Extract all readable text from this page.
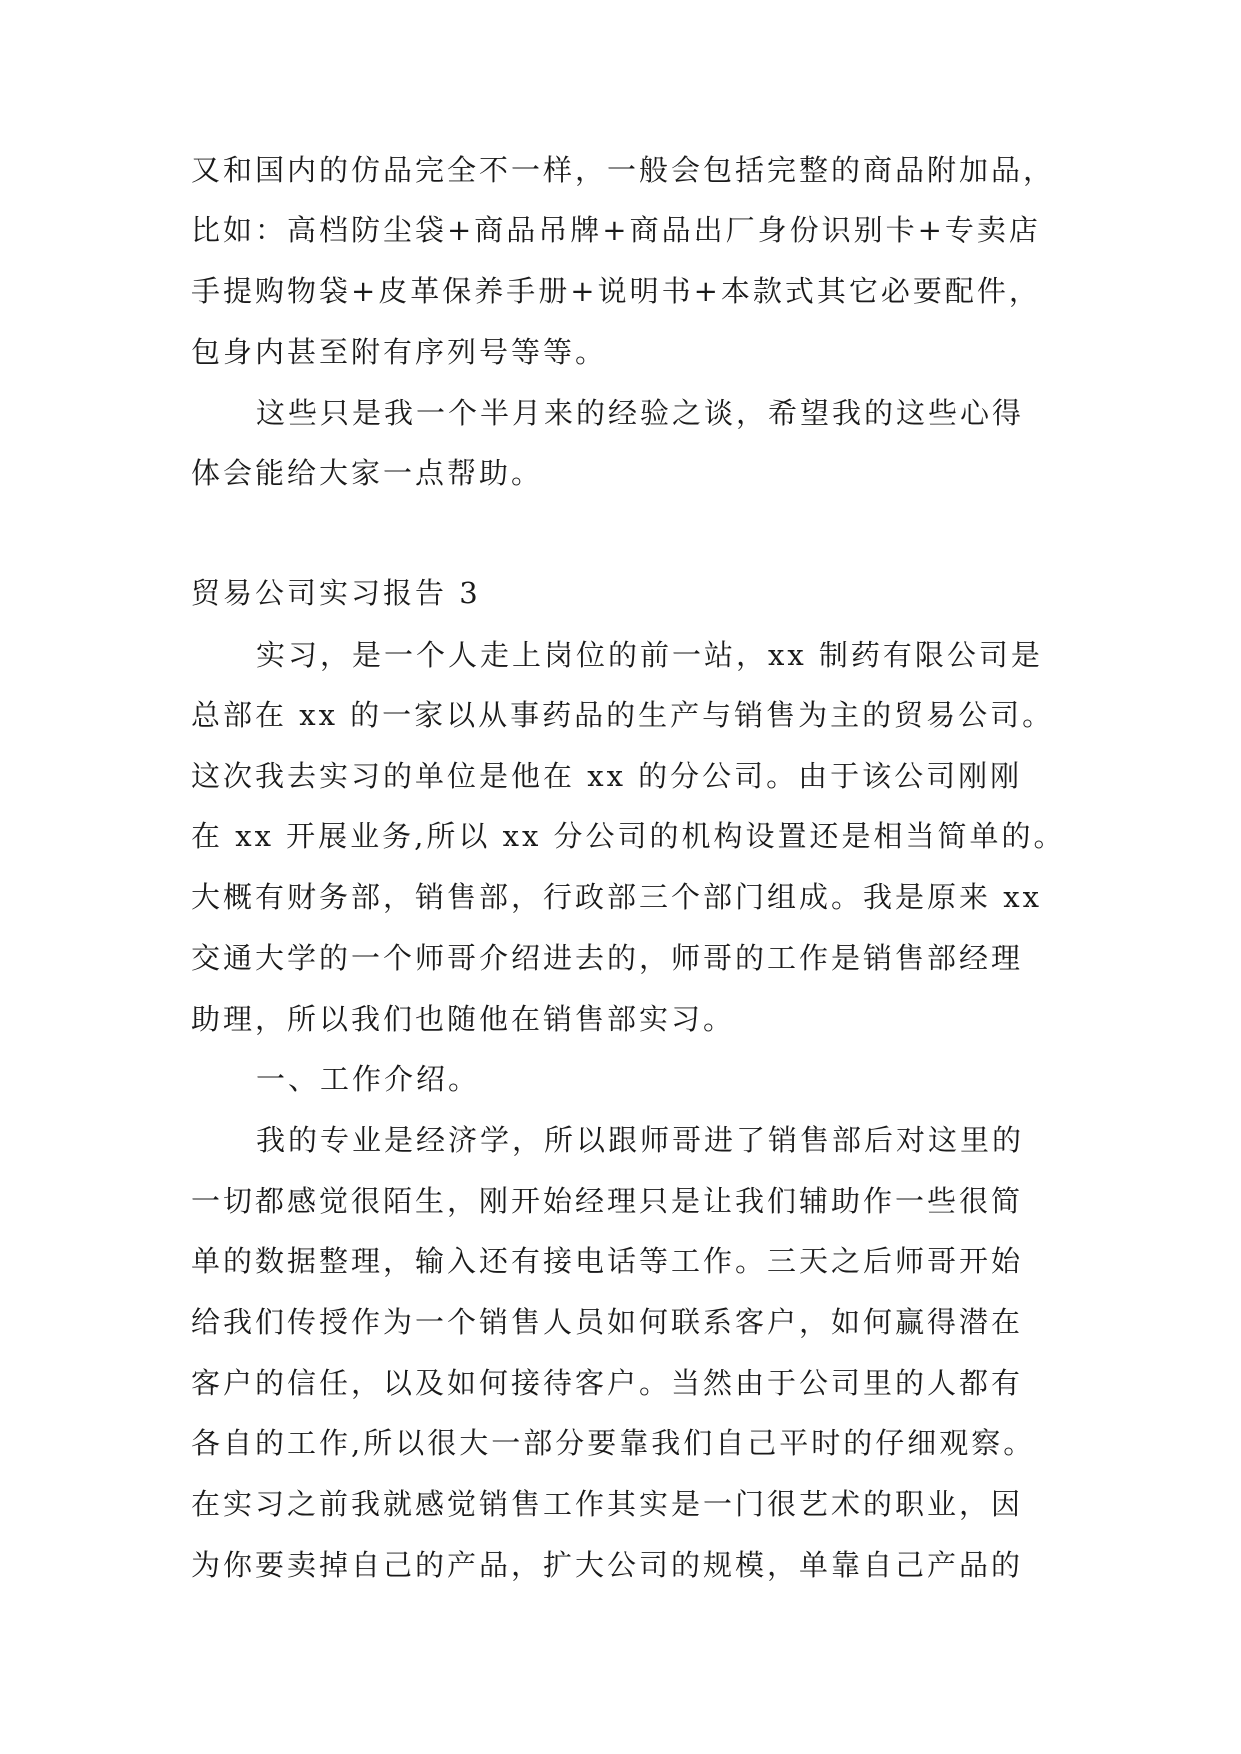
又和国内的仿品完全不一样，一般会包括完整的商品附加品，
比如：高档防尘袋+商品吊牌+商品出厂身份识别卡+专卖店
手提购物袋+皮革保养手册+说明书+本款式其它必要配件，
包身内甚至附有序列号等等。
这些只是我一个半月来的经验之谈，希望我的这些心得
体会能给大家一点帮助。
贸易公司实习报告 3
实习，是一个人走上岗位的前一站，xx 制药有限公司是
总部在 xx 的一家以从事药品的生产与销售为主的贸易公司。
这次我去实习的单位是他在 xx 的分公司。由于该公司刚刚
在 xx 开展业务,所以 xx 分公司的机构设置还是相当简单的。
大概有财务部，销售部，行政部三个部门组成。我是原来 xx
交通大学的一个师哥介绍进去的，师哥的工作是销售部经理
助理，所以我们也随他在销售部实习。
一、工作介绍。
我的专业是经济学，所以跟师哥进了销售部后对这里的
一切都感觉很陌生，刚开始经理只是让我们辅助作一些很简
单的数据整理，输入还有接电话等工作。三天之后师哥开始
给我们传授作为一个销售人员如何联系客户，如何赢得潜在
客户的信任，以及如何接待客户。当然由于公司里的人都有
各自的工作,所以很大一部分要靠我们自己平时的仔细观察。
在实习之前我就感觉销售工作其实是一门很艺术的职业，因
为你要卖掉自己的产品，扩大公司的规模，单靠自己产品的
